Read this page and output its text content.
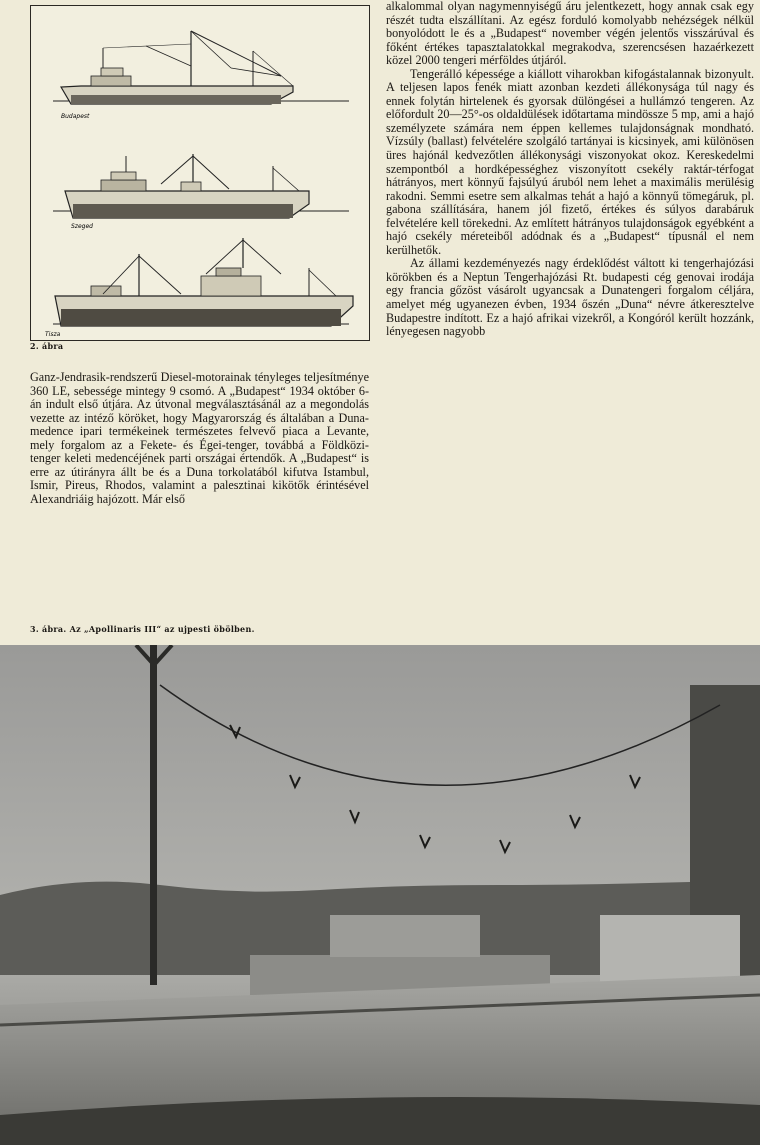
Budapest
Szeged
Tisza
2. ábra

Ganz-Jendrasik-rendszerű Diesel-motorainak tényleges teljesítménye 360 LE, sebessége mintegy 9 csomó. A „Budapest“ 1934 október 6-án indult első útjára. Az útvonal megválasztásánál az a megondolás vezette az intéző köröket, hogy Magyarország és általában a Duna-medence ipari termékeinek természetes felvevő piaca a Levante, mely forgalom az a Fekete- és Égei-tenger, továbbá a Földközi-tenger keleti medencéjének parti országai értendők. A „Budapest“ is erre az útirányra állt be és a Duna torkolatából kifutva Istambul, Ismir, Pireus, Rhodos, valamint a palesztinai kikötők érintésével Alexandriáig hajózott. Már első

alkalommal olyan nagymennyiségű áru jelentkezett, hogy annak csak egy részét tudta elszállítani. Az egész forduló komolyabb nehézségek nélkül bonyolódott le és a „Budapest“ november végén jelentős visszárúval és főként értékes tapasztalatokkal megrakodva, szerencsésen hazaérkezett közel 2000 tengeri mérföldes útjáról.

Tengerálló képessége a kiállott viharokban kifogástalannak bizonyult. A teljesen lapos fenék miatt azonban kezdeti állékonysága túl nagy és ennek folytán hirtelenek és gyorsak dülöngései a hullámzó tengeren. Az előfordult 20—25°-os oldaldülések időtartama mindössze 5 mp, ami a hajó személyzete számára nem éppen kellemes tulajdonságnak mondható. Vízsúly (ballast) felvételére szolgáló tartányai is kicsinyek, ami különösen üres hajónál kedvezőtlen állékonysági viszonyokat okoz. Kereskedelmi szempontból a hordképességhez viszonyított csekély raktár-térfogat hátrányos, mert könnyű fajsúlyú áruból nem lehet a maximális merülésig rakodni. Semmi esetre sem alkalmas tehát a hajó a könnyű tömegáruk, pl. gabona szállítására, hanem jól fizető, értékes és súlyos darabáruk felvételére kell törekedni. Az említett hátrányos tulajdonságok egyébként a hajó csekély méreteiből adódnak és a „Budapest“ típusnál el nem kerülhetők.

Az állami kezdeményezés nagy érdeklődést váltott ki tengerhajózási körökben és a Neptun Tengerhajózási Rt. budapesti cég genovai irodája egy francia gőzöst vásárolt ugyancsak a Dunatengeri forgalom céljára, amelyet még ugyanezen évben, 1934 őszén „Duna“ névre átkeresztelve Budapestre indított. Ez a hajó afrikai vizekről, a Kongóról került hozzánk, lényegesen nagyobb

3. ábra. Az „Apollinaris III“ az ujpesti öbölben.
